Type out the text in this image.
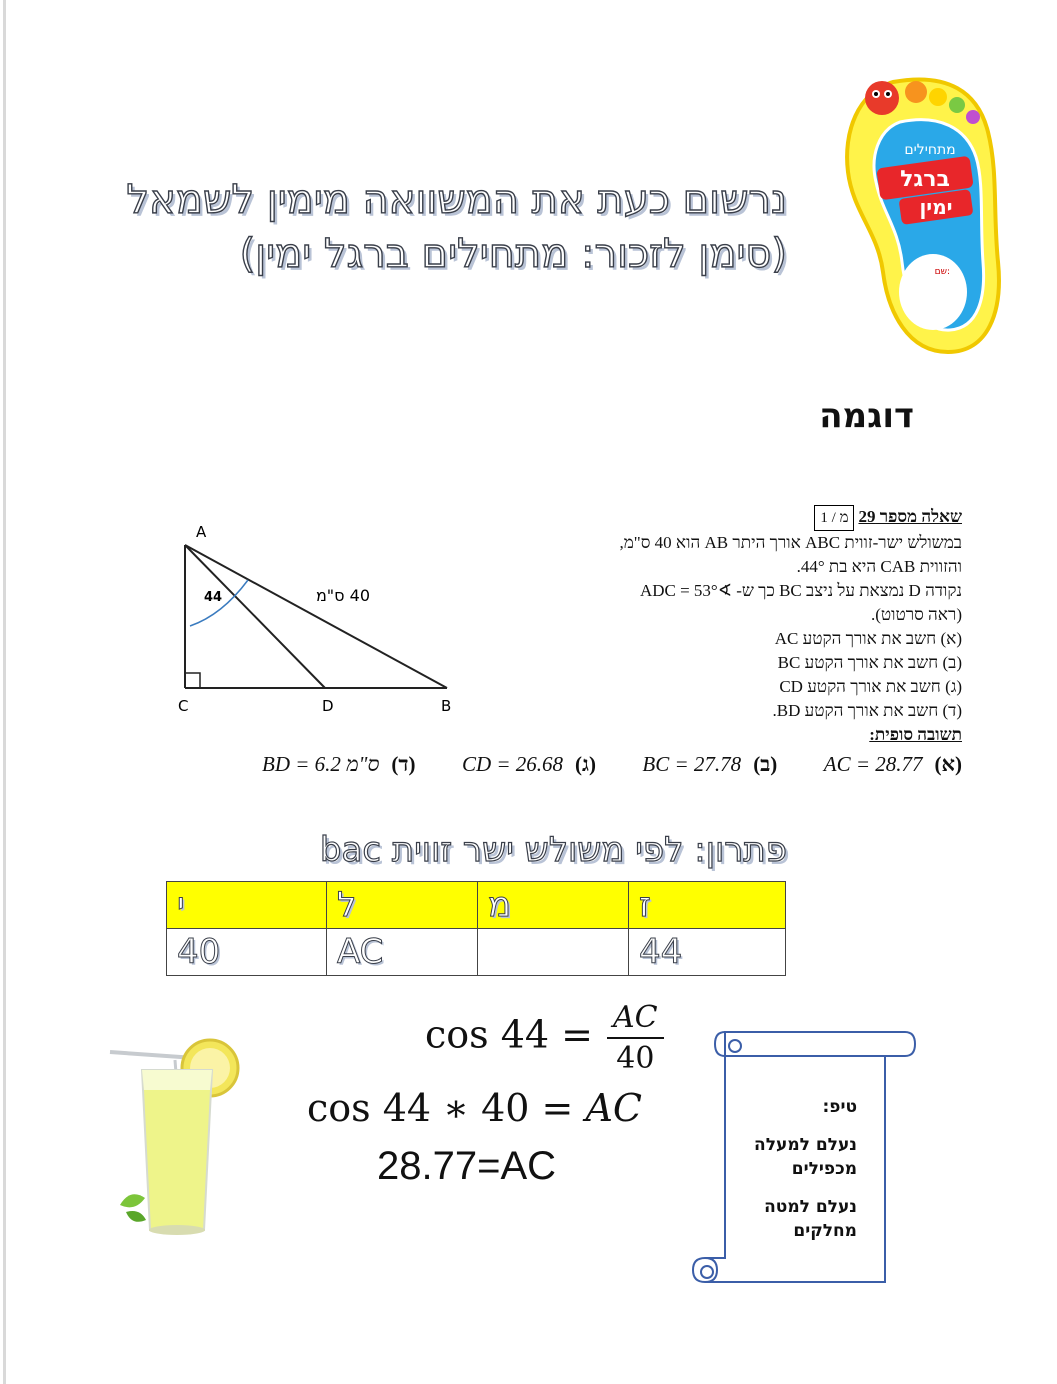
נרשום כעת את המשוואה מימין לשמאל
(סימן לזכור: מתחילים ברגל ימין)
מתחילים
ברגל
ימין
שם:
דוגמה
A
C	D	B
44	40 ס"מ
שאלה מספר 29מ / 1
במשולש ישר-זווית ABC אורך היתר AB הוא 40 ס"מ,
והזווית CAB היא בת 44°.
נקודה D נמצאת על ניצב BC כך ש- ∢ADC = 53°
(ראה סרטוט).
(א) חשב את אורך הקטע AC
(ב) חשב את אורך הקטע BC
(ג) חשב את אורך הקטע CD
(ד) חשב את אורך הקטע BD.
תשובה סופית:
(א)AC = 28.77
(ב)BC = 27.78
(ג)CD = 26.68
(ד)BD = 6.2 ס"מ
פתרון: לפי משולש ישר זווית bac
ז	מ	ל	י
44		AC	40
$\cos 44 = \frac{AC}{40}$
cos 44 ∗ 40 = AC
28.77=AC

טיפ:

נעלם למעלה

מכפילים

נעלם למטה

מחלקים
